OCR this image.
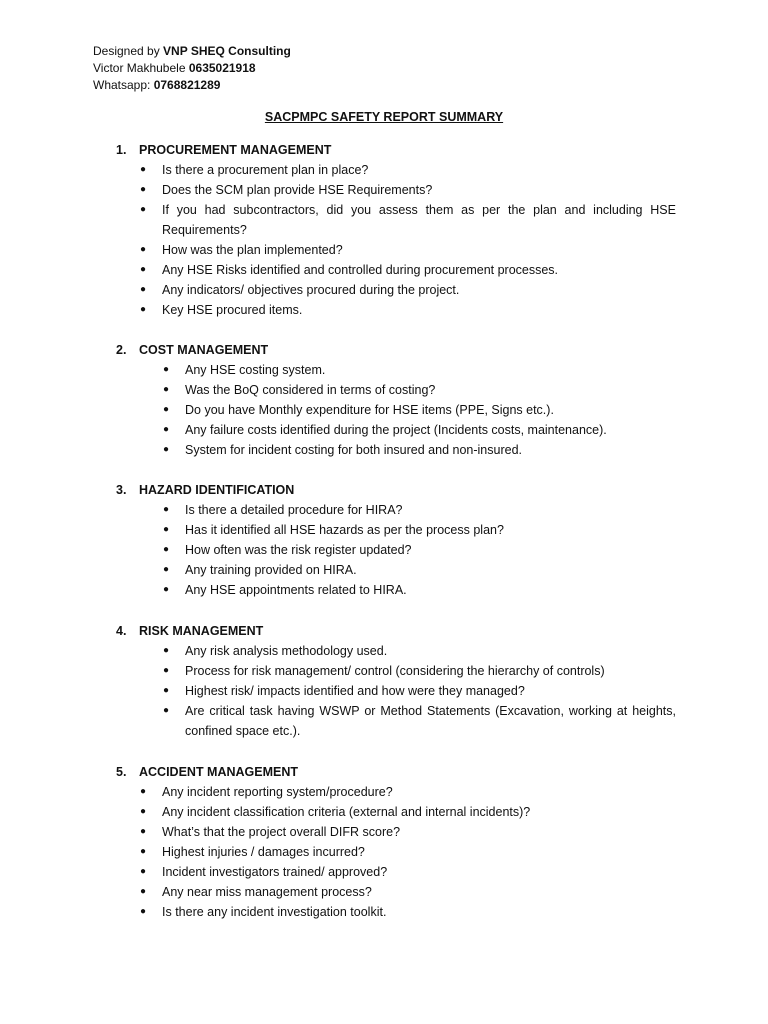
Designed by VNP SHEQ Consulting
Victor Makhubele 0635021918
Whatsapp: 0768821289
SACPMPC SAFETY REPORT SUMMARY
1. PROCUREMENT MANAGEMENT
● Is there a procurement plan in place?
● Does the SCM plan provide HSE Requirements?
● If you had subcontractors, did you assess them as per the plan and including HSE Requirements?
● How was the plan implemented?
● Any HSE Risks identified and controlled during procurement processes.
● Any indicators/ objectives procured during the project.
● Key HSE procured items.
2. COST MANAGEMENT
● Any HSE costing system.
● Was the BoQ considered in terms of costing?
● Do you have Monthly expenditure for HSE items (PPE, Signs etc.).
● Any failure costs identified during the project (Incidents costs, maintenance).
● System for incident costing for both insured and non-insured.
3. HAZARD IDENTIFICATION
● Is there a detailed procedure for HIRA?
● Has it identified all HSE hazards as per the process plan?
● How often was the risk register updated?
● Any training provided on HIRA.
● Any HSE appointments related to HIRA.
4. RISK MANAGEMENT
● Any risk analysis methodology used.
● Process for risk management/ control (considering the hierarchy of controls)
● Highest risk/ impacts identified and how were they managed?
● Are critical task having WSWP or Method Statements (Excavation, working at heights, confined space etc.).
5. ACCIDENT MANAGEMENT
● Any incident reporting system/procedure?
● Any incident classification criteria (external and internal incidents)?
● What’s that the project overall DIFR score?
● Highest injuries / damages incurred?
● Incident investigators trained/ approved?
● Any near miss management process?
● Is there any incident investigation toolkit.
